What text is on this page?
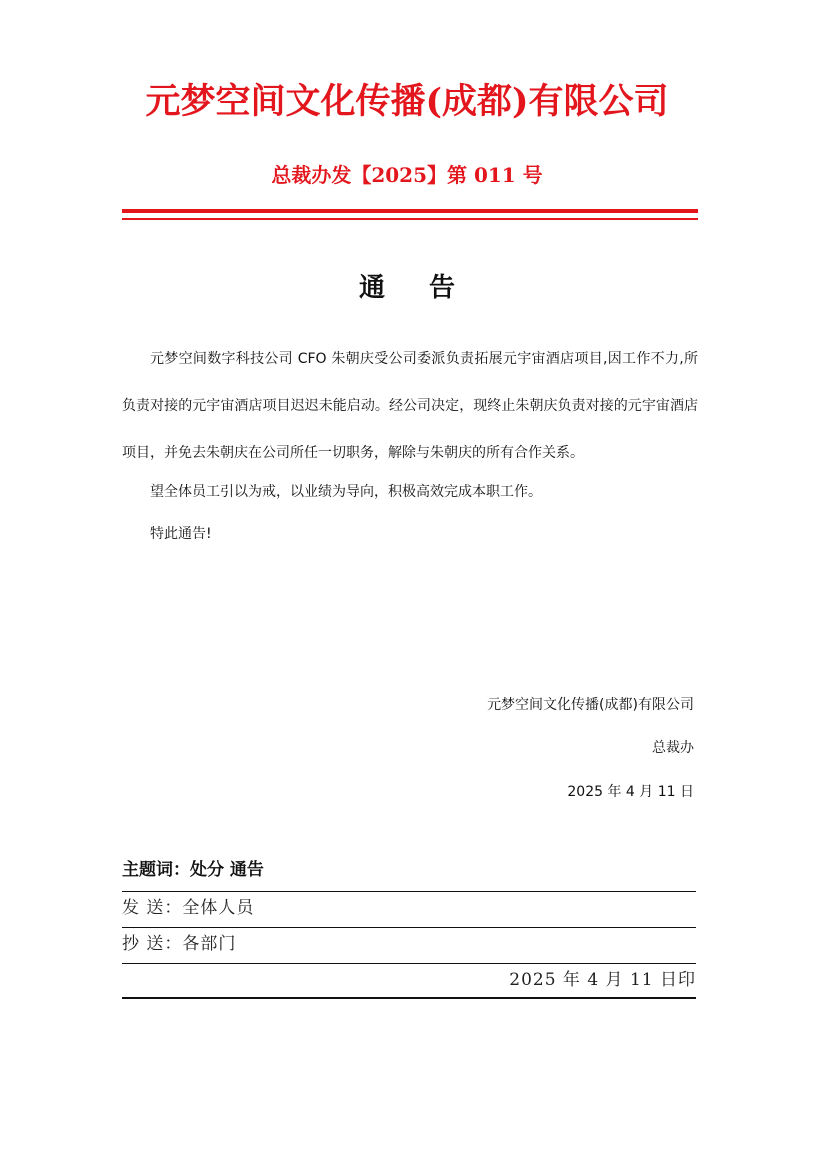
元梦空间文化传播(成都)有限公司
总裁办发【2025】第 011 号
通告
元梦空间数字科技公司 CFO 朱朝庆受公司委派负责拓展元宇宙酒店项目,因工作不力,所负责对接的元宇宙酒店项目迟迟未能启动。经公司决定，现终止朱朝庆负责对接的元宇宙酒店项目，并免去朱朝庆在公司所任一切职务，解除与朱朝庆的所有合作关系。
望全体员工引以为戒，以业绩为导向，积极高效完成本职工作。
特此通告!
元梦空间文化传播(成都)有限公司
总裁办
2025 年 4 月 11 日
主题词：处分 通告
发 送：全体人员
抄 送：各部门
2025 年 4 月 11 日印
